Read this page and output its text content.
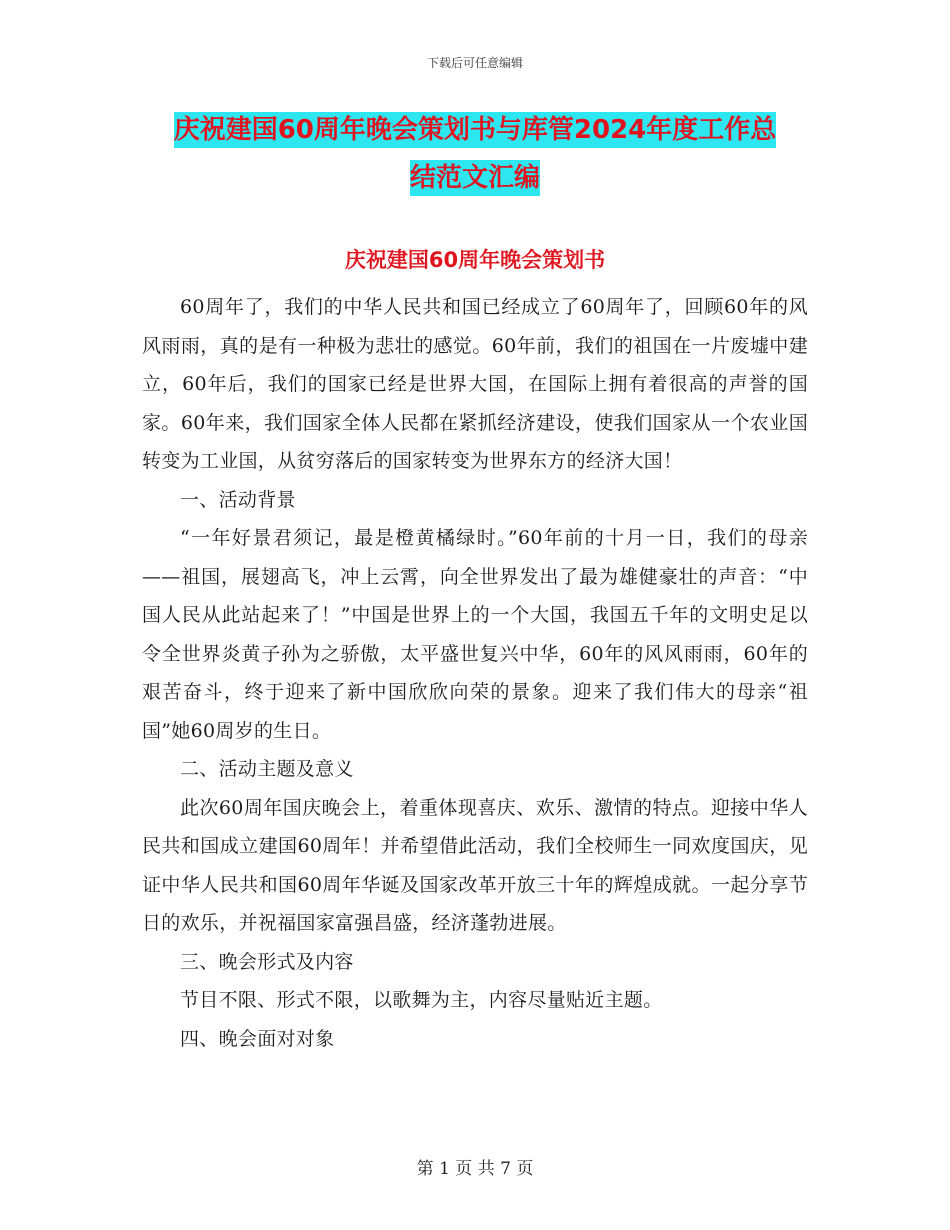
下载后可任意编辑
庆祝建国60周年晚会策划书与库管2024年度工作总
结范文汇编
庆祝建国60周年晚会策划书

60周年了，我们的中华人民共和国已经成立了60周年了，回顾60年的风风雨雨，真的是有一种极为悲壮的感觉。60年前，我们的祖国在一片废墟中建立，60年后，我们的国家已经是世界大国，在国际上拥有着很高的声誉的国家。60年来，我们国家全体人民都在紧抓经济建设，使我们国家从一个农业国转变为工业国，从贫穷落后的国家转变为世界东方的经济大国！

一、活动背景

“一年好景君须记，最是橙黄橘绿时。”60年前的十月一日，我们的母亲——祖国，展翅高飞，冲上云霄，向全世界发出了最为雄健豪壮的声音：“中国人民从此站起来了！”中国是世界上的一个大国，我国五千年的文明史足以令全世界炎黄子孙为之骄傲，太平盛世复兴中华，60年的风风雨雨，60年的艰苦奋斗，终于迎来了新中国欣欣向荣的景象。迎来了我们伟大的母亲“祖国”她60周岁的生日。

二、活动主题及意义

此次60周年国庆晚会上，着重体现喜庆、欢乐、激情的特点。迎接中华人民共和国成立建国60周年！并希望借此活动，我们全校师生一同欢度国庆，见证中华人民共和国60周年华诞及国家改革开放三十年的辉煌成就。一起分享节日的欢乐，并祝福国家富强昌盛，经济蓬勃进展。

三、晚会形式及内容

节目不限、形式不限，以歌舞为主，内容尽量贴近主题。

四、晚会面对对象

第 1 页 共 7 页
